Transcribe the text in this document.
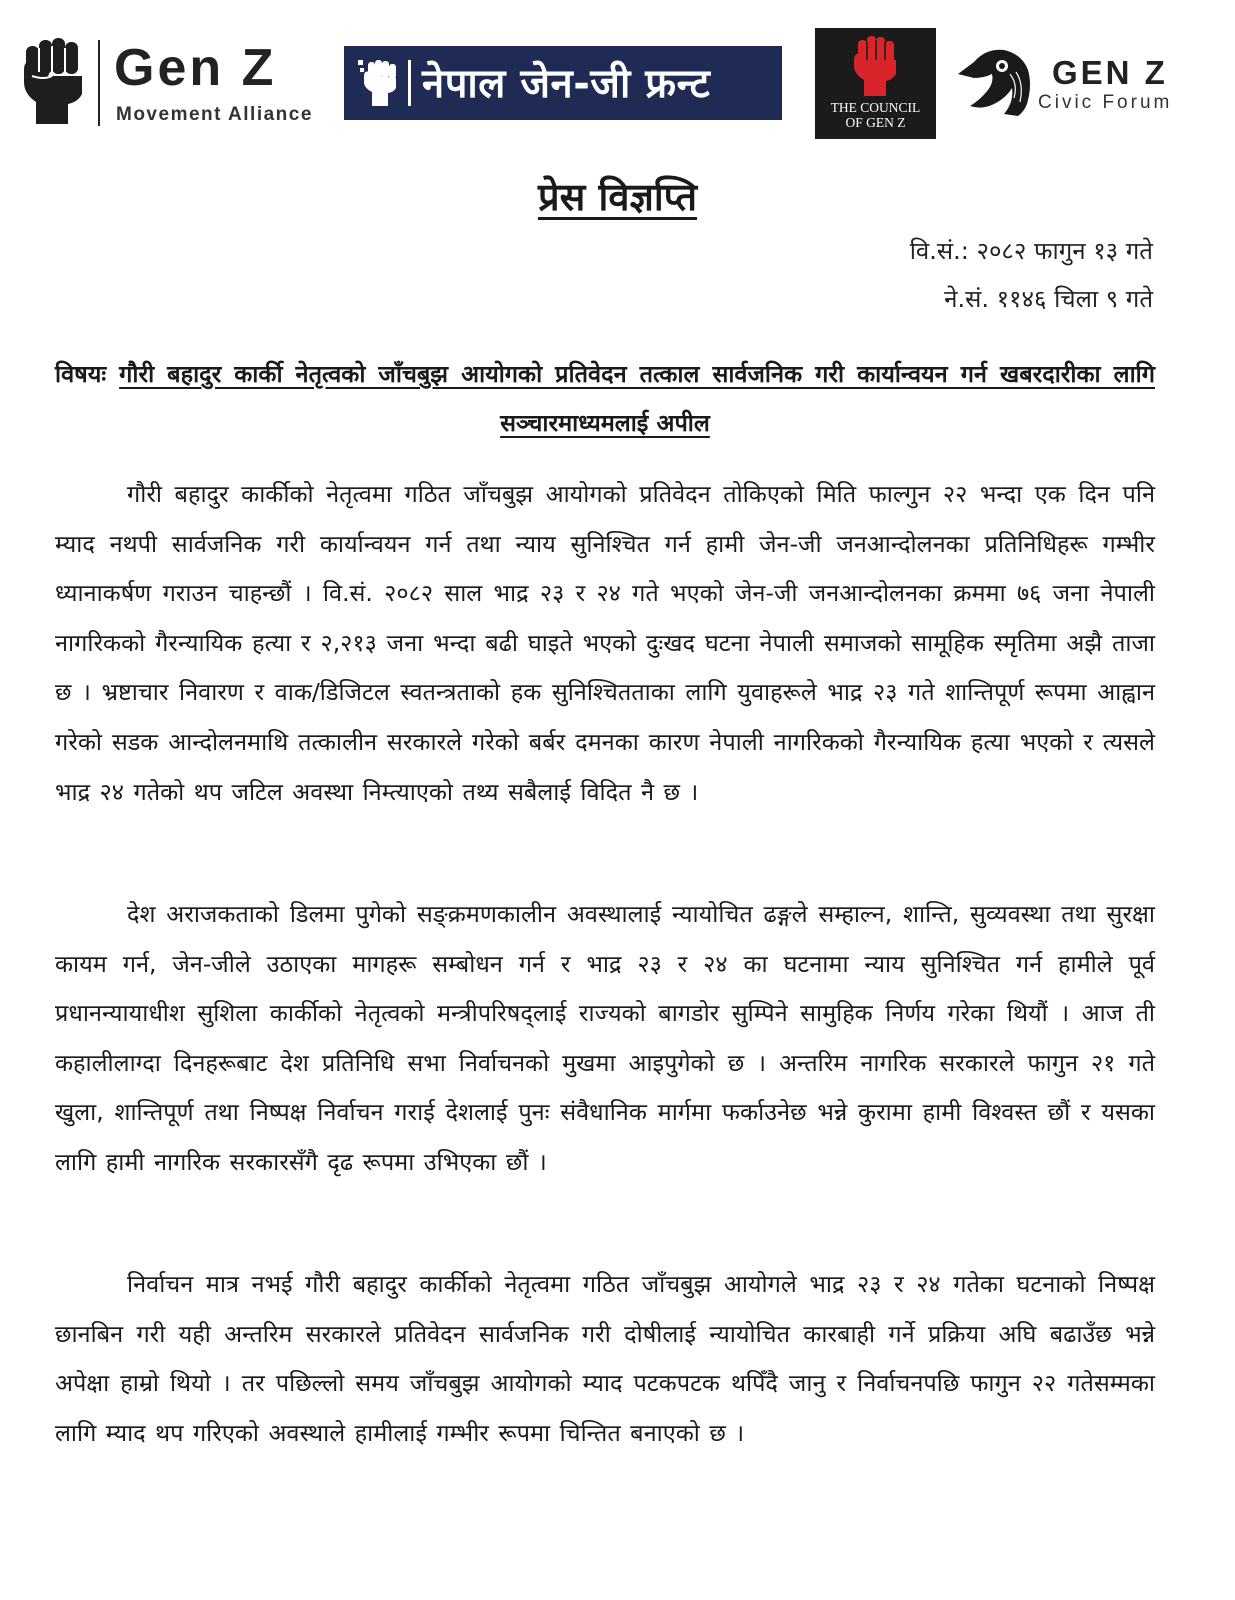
Gen Z
Movement Alliance
नेपाल जेन-जी फ्रन्ट
THE COUNCIL
OF GEN Z
GEN Z
Civic Forum
प्रेस विज्ञप्ति
वि.सं.: २०८२ फागुन १३ गते
ने.सं. ११४६ चिला ९ गते
विषयः गौरी बहादुर कार्की नेतृत्वको जाँचबुझ आयोगको प्रतिवेदन तत्काल सार्वजनिक गरी कार्यान्वयन गर्न खबरदारीका लागि सञ्चारमाध्यमलाई अपील

गौरी बहादुर कार्कीको नेतृत्वमा गठित जाँचबुझ आयोगको प्रतिवेदन तोकिएको मिति फाल्गुन २२ भन्दा एक दिन पनि म्याद नथपी सार्वजनिक गरी कार्यान्वयन गर्न तथा न्याय सुनिश्चित गर्न हामी जेन-जी जनआन्दोलनका प्रतिनिधिहरू गम्भीर ध्यानाकर्षण गराउन चाहन्छौं । वि.सं. २०८२ साल भाद्र २३ र २४ गते भएको जेन-जी जनआन्दोलनका क्रममा ७६ जना नेपाली नागरिकको गैरन्यायिक हत्या र २,२१३ जना भन्दा बढी घाइते भएको दुःखद घटना नेपाली समाजको सामूहिक स्मृतिमा अझै ताजा छ । भ्रष्टाचार निवारण र वाक/डिजिटल स्वतन्त्रताको हक सुनिश्चितताका लागि युवाहरूले भाद्र २३ गते शान्तिपूर्ण रूपमा आह्वान गरेको सडक आन्दोलनमाथि तत्कालीन सरकारले गरेको बर्बर दमनका कारण नेपाली नागरिकको गैरन्यायिक हत्या भएको र त्यसले भाद्र २४ गतेको थप जटिल अवस्था निम्त्याएको तथ्य सबैलाई विदित नै छ ।

देश अराजकताको डिलमा पुगेको सङ्क्रमणकालीन अवस्थालाई न्यायोचित ढङ्गले सम्हाल्न, शान्ति, सुव्यवस्था तथा सुरक्षा कायम गर्न, जेन-जीले उठाएका मागहरू सम्बोधन गर्न र भाद्र २३ र २४ का घटनामा न्याय सुनिश्चित गर्न हामीले पूर्व प्रधानन्यायाधीश सुशिला कार्कीको नेतृत्वको मन्त्रीपरिषद्लाई राज्यको बागडोर सुम्पिने सामुहिक निर्णय गरेका थियौं । आज ती कहालीलाग्दा दिनहरूबाट देश प्रतिनिधि सभा निर्वाचनको मुखमा आइपुगेको छ । अन्तरिम नागरिक सरकारले फागुन २१ गते खुला, शान्तिपूर्ण तथा निष्पक्ष निर्वाचन गराई देशलाई पुनः संवैधानिक मार्गमा फर्काउनेछ भन्ने कुरामा हामी विश्वस्त छौं र यसका लागि हामी नागरिक सरकारसँगै दृढ रूपमा उभिएका छौं ।

निर्वाचन मात्र नभई गौरी बहादुर कार्कीको नेतृत्वमा गठित जाँचबुझ आयोगले भाद्र २३ र २४ गतेका घटनाको निष्पक्ष छानबिन गरी यही अन्तरिम सरकारले प्रतिवेदन सार्वजनिक गरी दोषीलाई न्यायोचित कारबाही गर्ने प्रक्रिया अघि बढाउँछ भन्ने अपेक्षा हाम्रो थियो । तर पछिल्लो समय जाँचबुझ आयोगको म्याद पटकपटक थपिँदै जानु र निर्वाचनपछि फागुन २२ गतेसम्मका लागि म्याद थप गरिएको अवस्थाले हामीलाई गम्भीर रूपमा चिन्तित बनाएको छ ।
